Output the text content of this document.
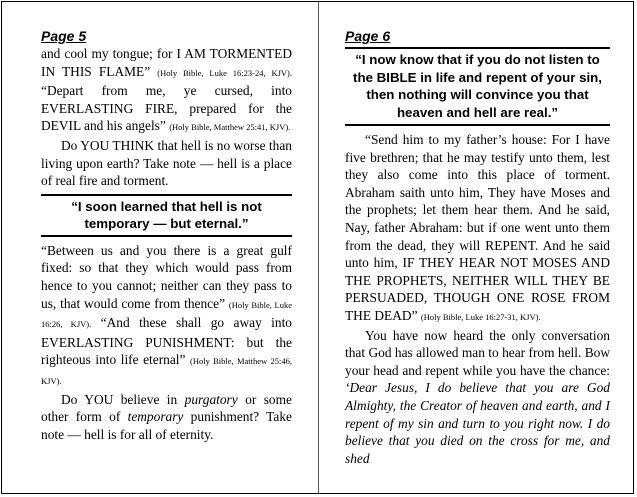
Page 5

and cool my tongue; for I AM TORMENTED IN THIS FLAME” (Holy Bible, Luke 16:23-24, KJV). “Depart from me, ye cursed, into EVERLASTING FIRE, prepared for the DEVIL and his angels” (Holy Bible, Matthew 25:41, KJV).

Do YOU THINK that hell is no worse than living upon earth? Take note — hell is a place of real fire and torment.

“I soon learned that hell is not temporary — but eternal.”

“Between us and you there is a great gulf fixed: so that they which would pass from hence to you cannot; neither can they pass to us, that would come from thence” (Holy Bible, Luke 16:26, KJV). “And these shall go away into EVERLASTING PUNISHMENT: but the righteous into life eternal” (Holy Bible, Matthew 25:46, KJV).

Do YOU believe in purgatory or some other form of temporary punishment? Take note — hell is for all of eternity.

Page 6
“I now know that if you do not listen to the BIBLE in life and repent of your sin, then nothing will convince you that heaven and hell are real.”

“Send him to my father’s house: For I have five brethren; that he may testify unto them, lest they also come into this place of torment. Abraham saith unto him, They have Moses and the prophets; let them hear them. And he said, Nay, father Abraham: but if one went unto them from the dead, they will REPENT. And he said unto him, IF THEY HEAR NOT MOSES AND THE PROPHETS, NEITHER WILL THEY BE PERSUADED, THOUGH ONE ROSE FROM THE DEAD” (Holy Bible, Luke 16:27-31, KJV).

You have now heard the only conversation that God has allowed man to hear from hell. Bow your head and repent while you have the chance: ‘Dear Jesus, I do believe that you are God Almighty, the Creator of heaven and earth, and I repent of my sin and turn to you right now. I do believe that you died on the cross for me, and shed
